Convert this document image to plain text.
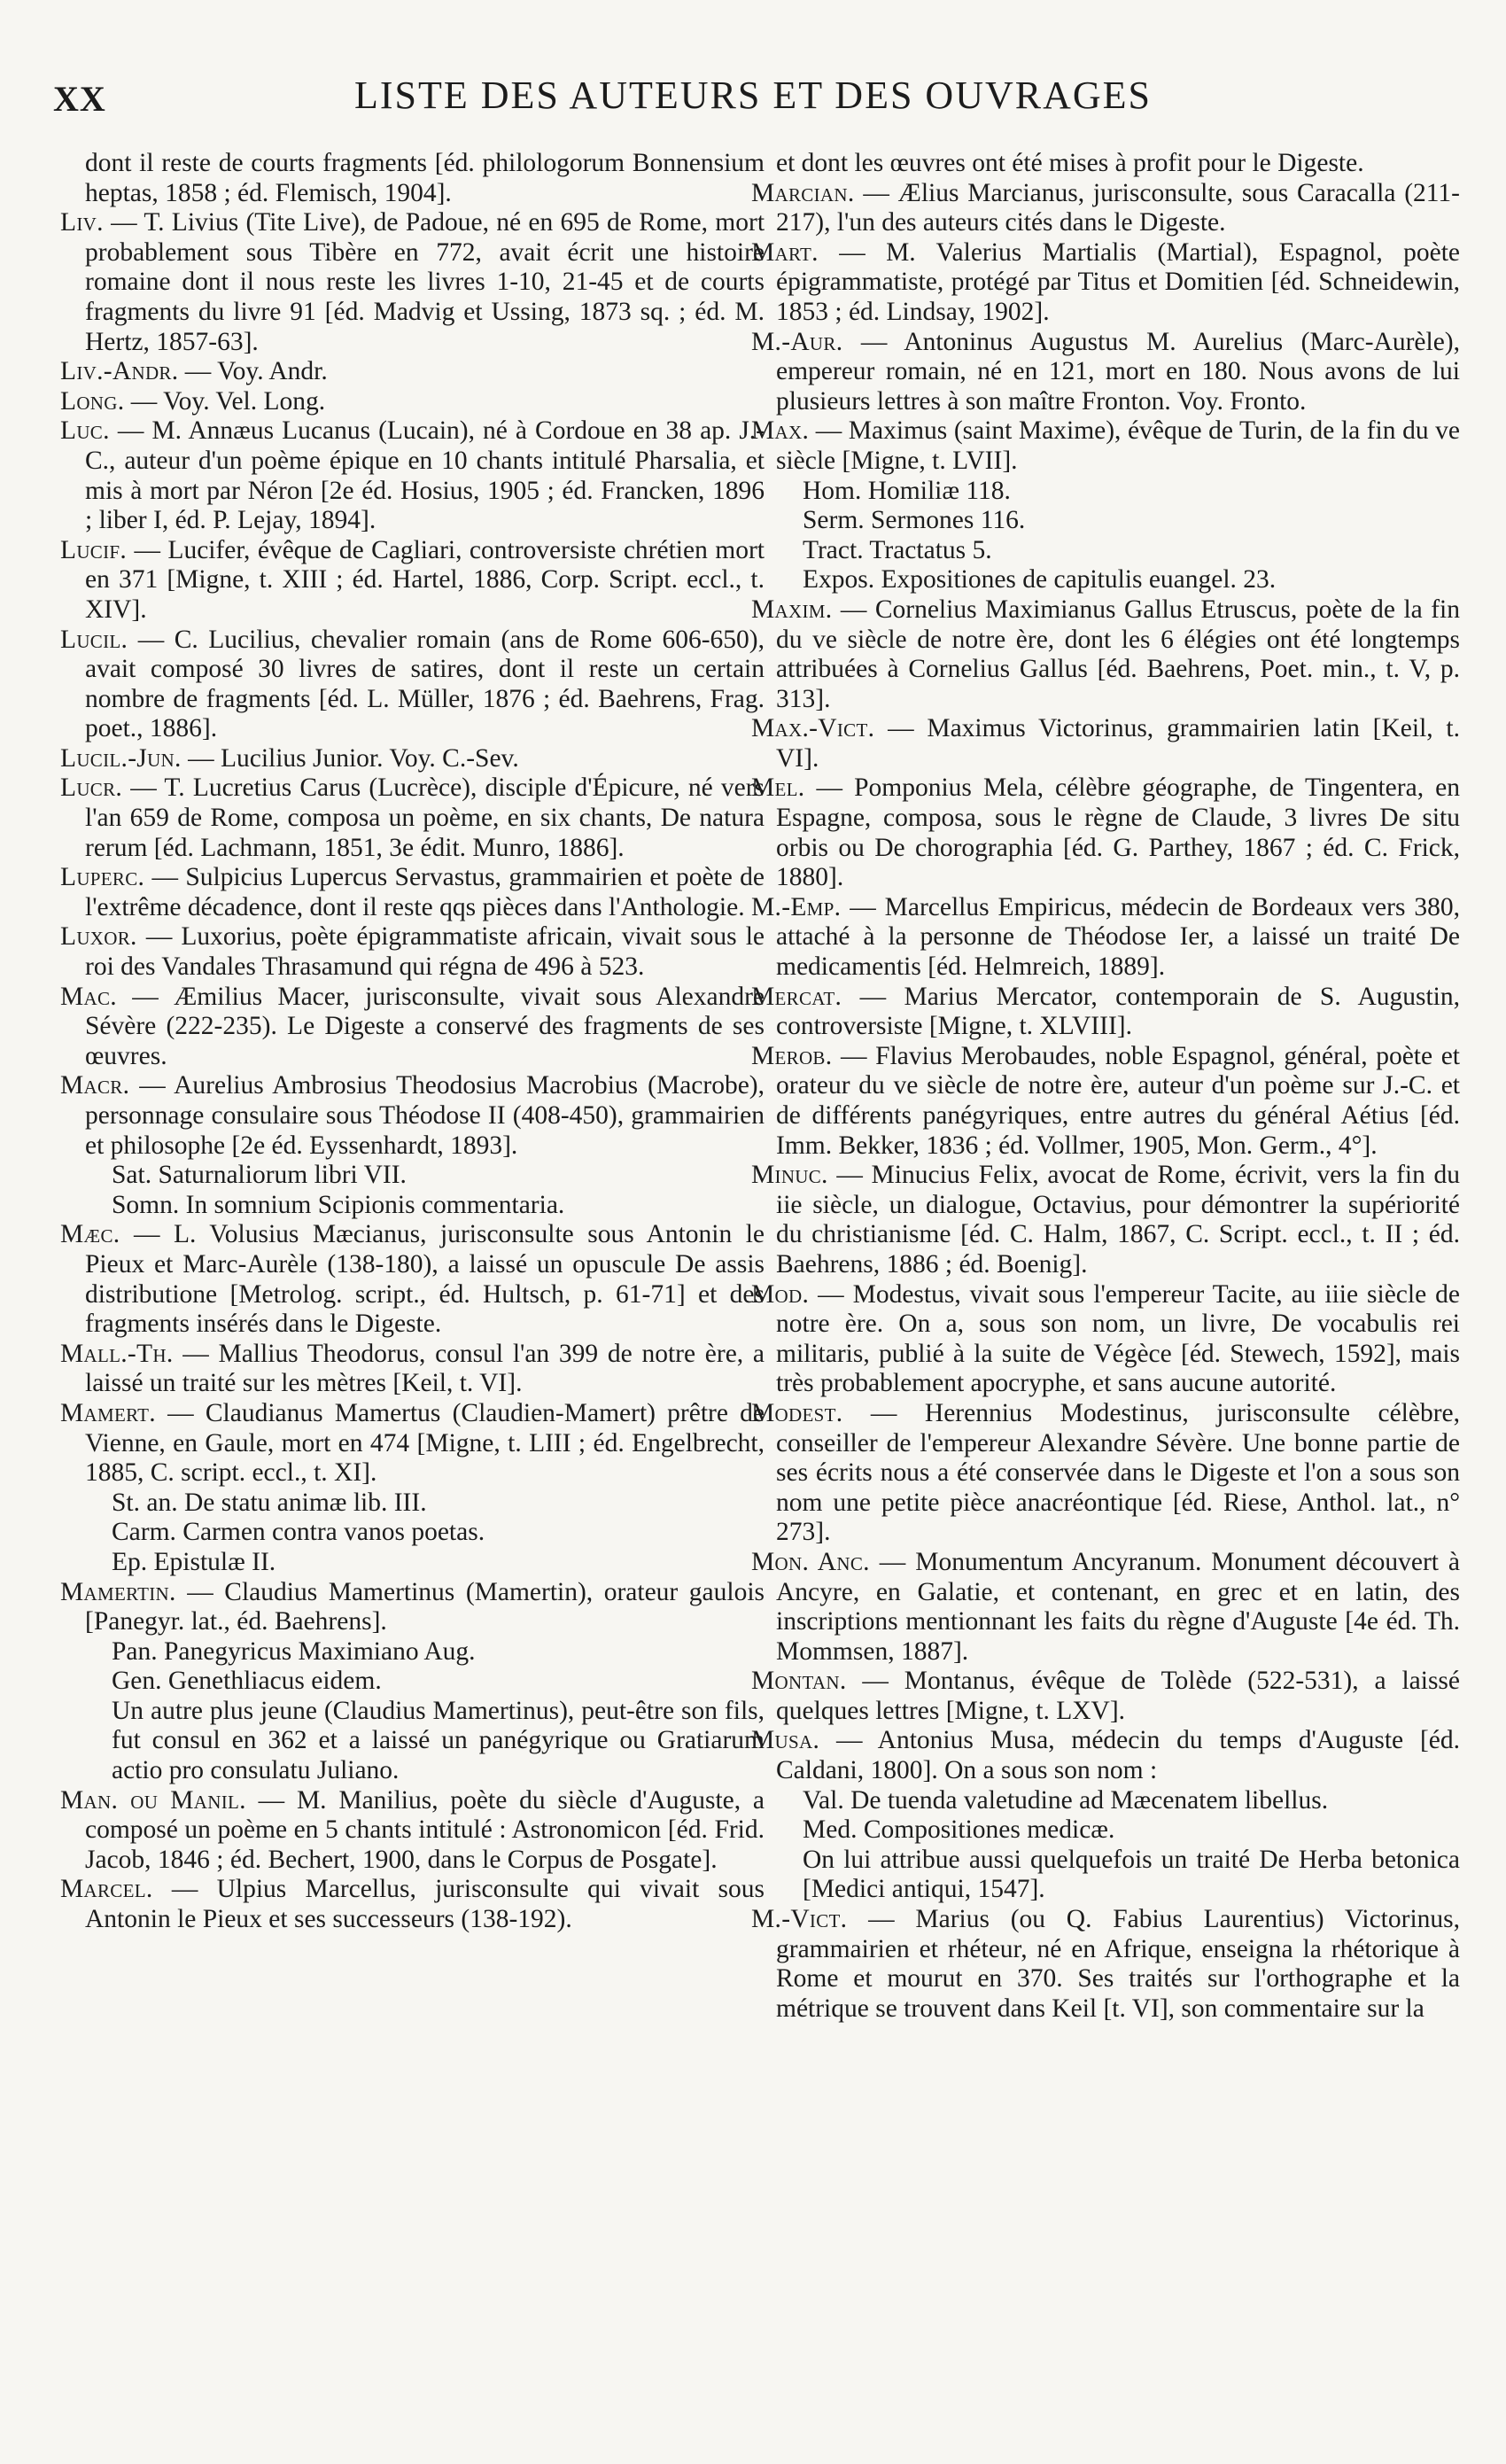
XX	LISTE DES AUTEURS ET DES OUVRAGES

dont il reste de courts fragments [éd. philologorum Bonnensium heptas, 1858 ; éd. Flemisch, 1904].

Liv. — T. Livius (Tite Live), de Padoue, né en 695 de Rome, mort probablement sous Tibère en 772, avait écrit une histoire romaine dont il nous reste les livres 1-10, 21-45 et de courts fragments du livre 91 [éd. Madvig et Ussing, 1873 sq. ; éd. M. Hertz, 1857-63].

Liv.-Andr. — Voy. Andr.

Long. — Voy. Vel. Long.

Luc. — M. Annæus Lucanus (Lucain), né à Cordoue en 38 ap. J.-C., auteur d'un poème épique en 10 chants intitulé Pharsalia, et mis à mort par Néron [2e éd. Hosius, 1905 ; éd. Francken, 1896 ; liber I, éd. P. Lejay, 1894].

Lucif. — Lucifer, évêque de Cagliari, controversiste chrétien mort en 371 [Migne, t. XIII ; éd. Hartel, 1886, Corp. Script. eccl., t. XIV].

Lucil. — C. Lucilius, chevalier romain (ans de Rome 606-650), avait composé 30 livres de satires, dont il reste un certain nombre de fragments [éd. L. Müller, 1876 ; éd. Baehrens, Frag. poet., 1886].

Lucil.-Jun. — Lucilius Junior. Voy. C.-Sev.

Lucr. — T. Lucretius Carus (Lucrèce), disciple d'Épicure, né vers l'an 659 de Rome, composa un poème, en six chants, De natura rerum [éd. Lachmann, 1851, 3e édit. Munro, 1886].

Luperc. — Sulpicius Lupercus Servastus, grammairien et poète de l'extrême décadence, dont il reste qqs pièces dans l'Anthologie.

Luxor. — Luxorius, poète épigrammatiste africain, vivait sous le roi des Vandales Thrasamund qui régna de 496 à 523.

Mac. — Æmilius Macer, jurisconsulte, vivait sous Alexandre Sévère (222-235). Le Digeste a conservé des fragments de ses œuvres.

Macr. — Aurelius Ambrosius Theodosius Macrobius (Macrobe), personnage consulaire sous Théodose II (408-450), grammairien et philosophe [2e éd. Eyssenhardt, 1893].

Sat. Saturnaliorum libri VII.

Somn. In somnium Scipionis commentaria.

Mæc. — L. Volusius Mæcianus, jurisconsulte sous Antonin le Pieux et Marc-Aurèle (138-180), a laissé un opuscule De assis distributione [Metrolog. script., éd. Hultsch, p. 61-71] et des fragments insérés dans le Digeste.

Mall.-Th. — Mallius Theodorus, consul l'an 399 de notre ère, a laissé un traité sur les mètres [Keil, t. VI].

Mamert. — Claudianus Mamertus (Claudien-Mamert) prêtre de Vienne, en Gaule, mort en 474 [Migne, t. LIII ; éd. Engelbrecht, 1885, C. script. eccl., t. XI].

St. an. De statu animæ lib. III.

Carm. Carmen contra vanos poetas.

Ep. Epistulæ II.

Mamertin. — Claudius Mamertinus (Mamertin), orateur gaulois [Panegyr. lat., éd. Baehrens].

Pan. Panegyricus Maximiano Aug.

Gen. Genethliacus eidem.

Un autre plus jeune (Claudius Mamertinus), peut-être son fils, fut consul en 362 et a laissé un panégyrique ou Gratiarum actio pro consulatu Juliano.

Man. ou Manil. — M. Manilius, poète du siècle d'Auguste, a composé un poème en 5 chants intitulé : Astronomicon [éd. Frid. Jacob, 1846 ; éd. Bechert, 1900, dans le Corpus de Posgate].

Marcel. — Ulpius Marcellus, jurisconsulte qui vivait sous Antonin le Pieux et ses successeurs (138-192).

et dont les œuvres ont été mises à profit pour le Digeste.

Marcian. — Ælius Marcianus, jurisconsulte, sous Caracalla (211-217), l'un des auteurs cités dans le Digeste.

Mart. — M. Valerius Martialis (Martial), Espagnol, poète épigrammatiste, protégé par Titus et Domitien [éd. Schneidewin, 1853 ; éd. Lindsay, 1902].

M.-Aur. — Antoninus Augustus M. Aurelius (Marc-Aurèle), empereur romain, né en 121, mort en 180. Nous avons de lui plusieurs lettres à son maître Fronton. Voy. Fronto.

Max. — Maximus (saint Maxime), évêque de Turin, de la fin du ve siècle [Migne, t. LVII].

Hom. Homiliæ 118.

Serm. Sermones 116.

Tract. Tractatus 5.

Expos. Expositiones de capitulis euangel. 23.

Maxim. — Cornelius Maximianus Gallus Etruscus, poète de la fin du ve siècle de notre ère, dont les 6 élégies ont été longtemps attribuées à Cornelius Gallus [éd. Baehrens, Poet. min., t. V, p. 313].

Max.-Vict. — Maximus Victorinus, grammairien latin [Keil, t. VI].

Mel. — Pomponius Mela, célèbre géographe, de Tingentera, en Espagne, composa, sous le règne de Claude, 3 livres De situ orbis ou De chorographia [éd. G. Parthey, 1867 ; éd. C. Frick, 1880].

M.-Emp. — Marcellus Empiricus, médecin de Bordeaux vers 380, attaché à la personne de Théodose Ier, a laissé un traité De medicamentis [éd. Helmreich, 1889].

Mercat. — Marius Mercator, contemporain de S. Augustin, controversiste [Migne, t. XLVIII].

Merob. — Flavius Merobaudes, noble Espagnol, général, poète et orateur du ve siècle de notre ère, auteur d'un poème sur J.-C. et de différents panégyriques, entre autres du général Aétius [éd. Imm. Bekker, 1836 ; éd. Vollmer, 1905, Mon. Germ., 4°].

Minuc. — Minucius Felix, avocat de Rome, écrivit, vers la fin du iie siècle, un dialogue, Octavius, pour démontrer la supériorité du christianisme [éd. C. Halm, 1867, C. Script. eccl., t. II ; éd. Baehrens, 1886 ; éd. Boenig].

Mod. — Modestus, vivait sous l'empereur Tacite, au iiie siècle de notre ère. On a, sous son nom, un livre, De vocabulis rei militaris, publié à la suite de Végèce [éd. Stewech, 1592], mais très probablement apocryphe, et sans aucune autorité.

Modest. — Herennius Modestinus, jurisconsulte célèbre, conseiller de l'empereur Alexandre Sévère. Une bonne partie de ses écrits nous a été conservée dans le Digeste et l'on a sous son nom une petite pièce anacréontique [éd. Riese, Anthol. lat., n° 273].

Mon. Anc. — Monumentum Ancyranum. Monument découvert à Ancyre, en Galatie, et contenant, en grec et en latin, des inscriptions mentionnant les faits du règne d'Auguste [4e éd. Th. Mommsen, 1887].

Montan. — Montanus, évêque de Tolède (522-531), a laissé quelques lettres [Migne, t. LXV].

Musa. — Antonius Musa, médecin du temps d'Auguste [éd. Caldani, 1800]. On a sous son nom :

Val. De tuenda valetudine ad Mæcenatem libellus.

Med. Compositiones medicæ.

On lui attribue aussi quelquefois un traité De Herba betonica [Medici antiqui, 1547].

M.-Vict. — Marius (ou Q. Fabius Laurentius) Victorinus, grammairien et rhéteur, né en Afrique, enseigna la rhétorique à Rome et mourut en 370. Ses traités sur l'orthographe et la métrique se trouvent dans Keil [t. VI], son commentaire sur la
